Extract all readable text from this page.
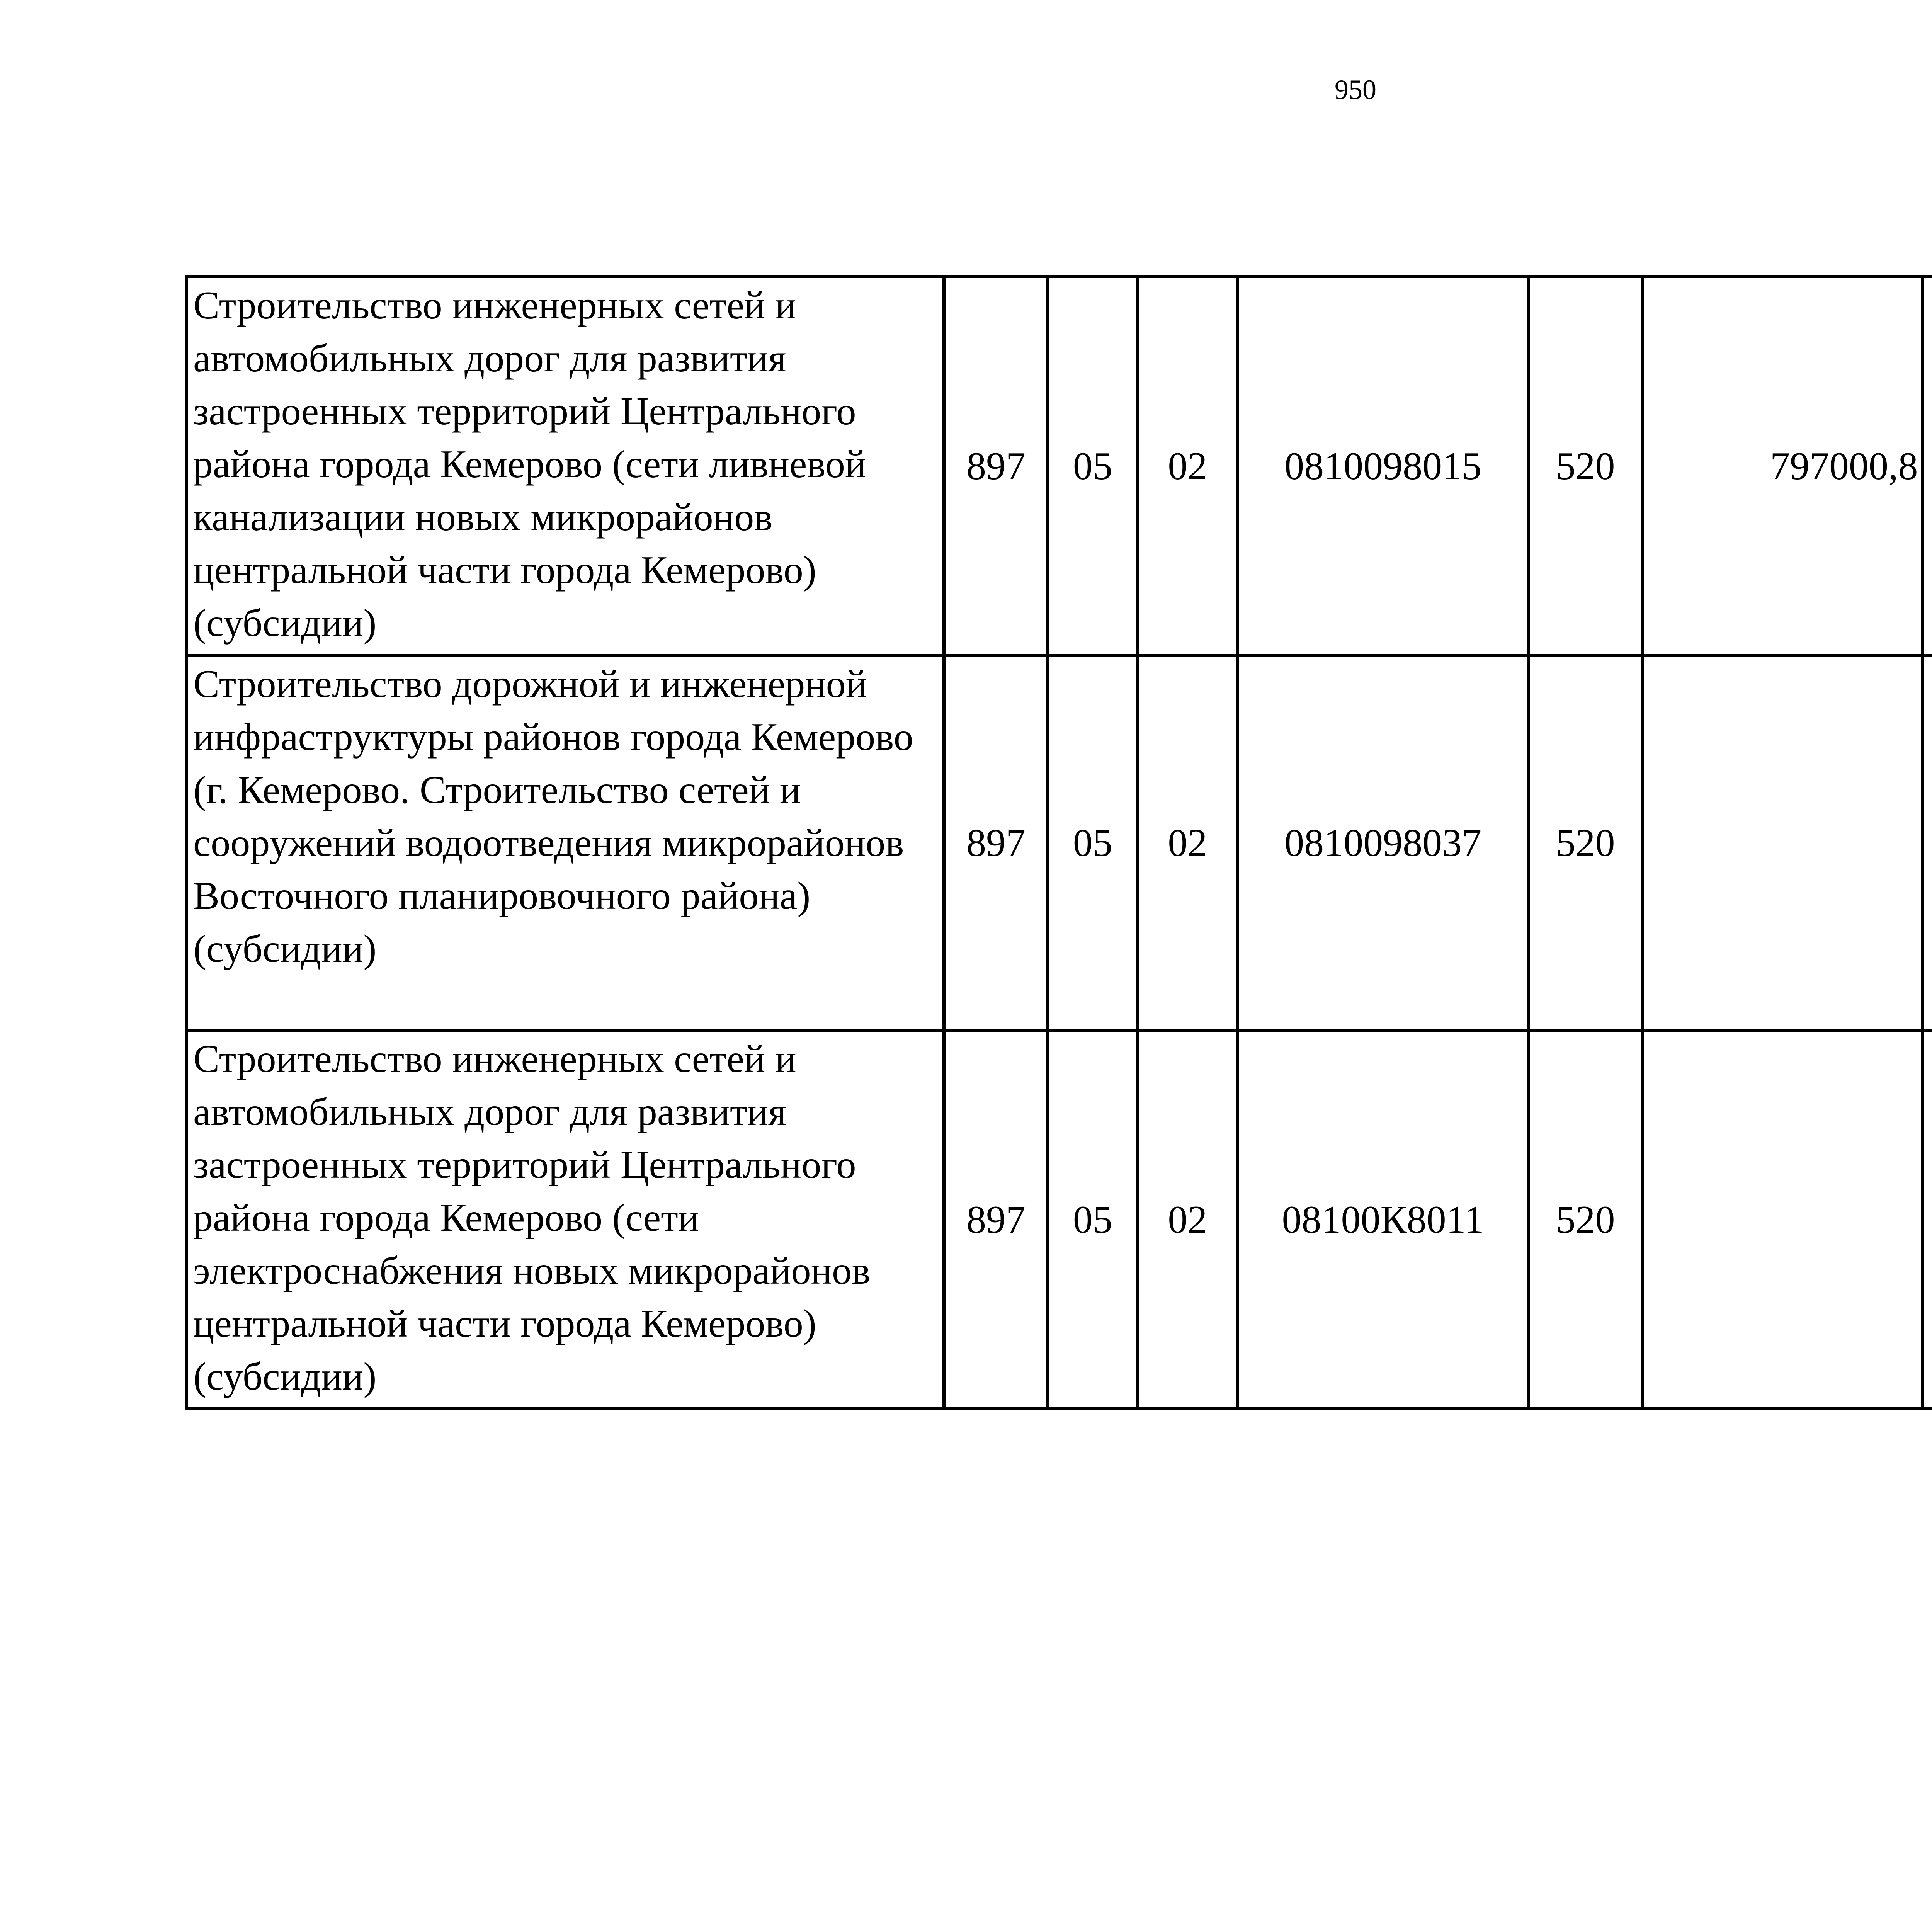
950
Строительство инженерных сетей и автомобильных дорог для развития застроенных территорий Центрального района города Кемерово (сети ливневой канализации новых микрорайонов центральной части города Кемерово) (субсидии)	897	05	02	0810098015	520	797000,8		
Строительство дорожной и инженерной инфраструктуры районов города Кемерово (г. Кемерово. Строительство сетей и сооружений водоотведения микрорайонов Восточного планировочного района) (субсидии)	897	05	02	0810098037	520			
Строительство инженерных сетей и автомобильных дорог для развития застроенных территорий Центрального района города Кемерово (сети электроснабжения новых микрорайонов центральной части города Кемерово) (субсидии)	897	05	02	08100К8011	520			
